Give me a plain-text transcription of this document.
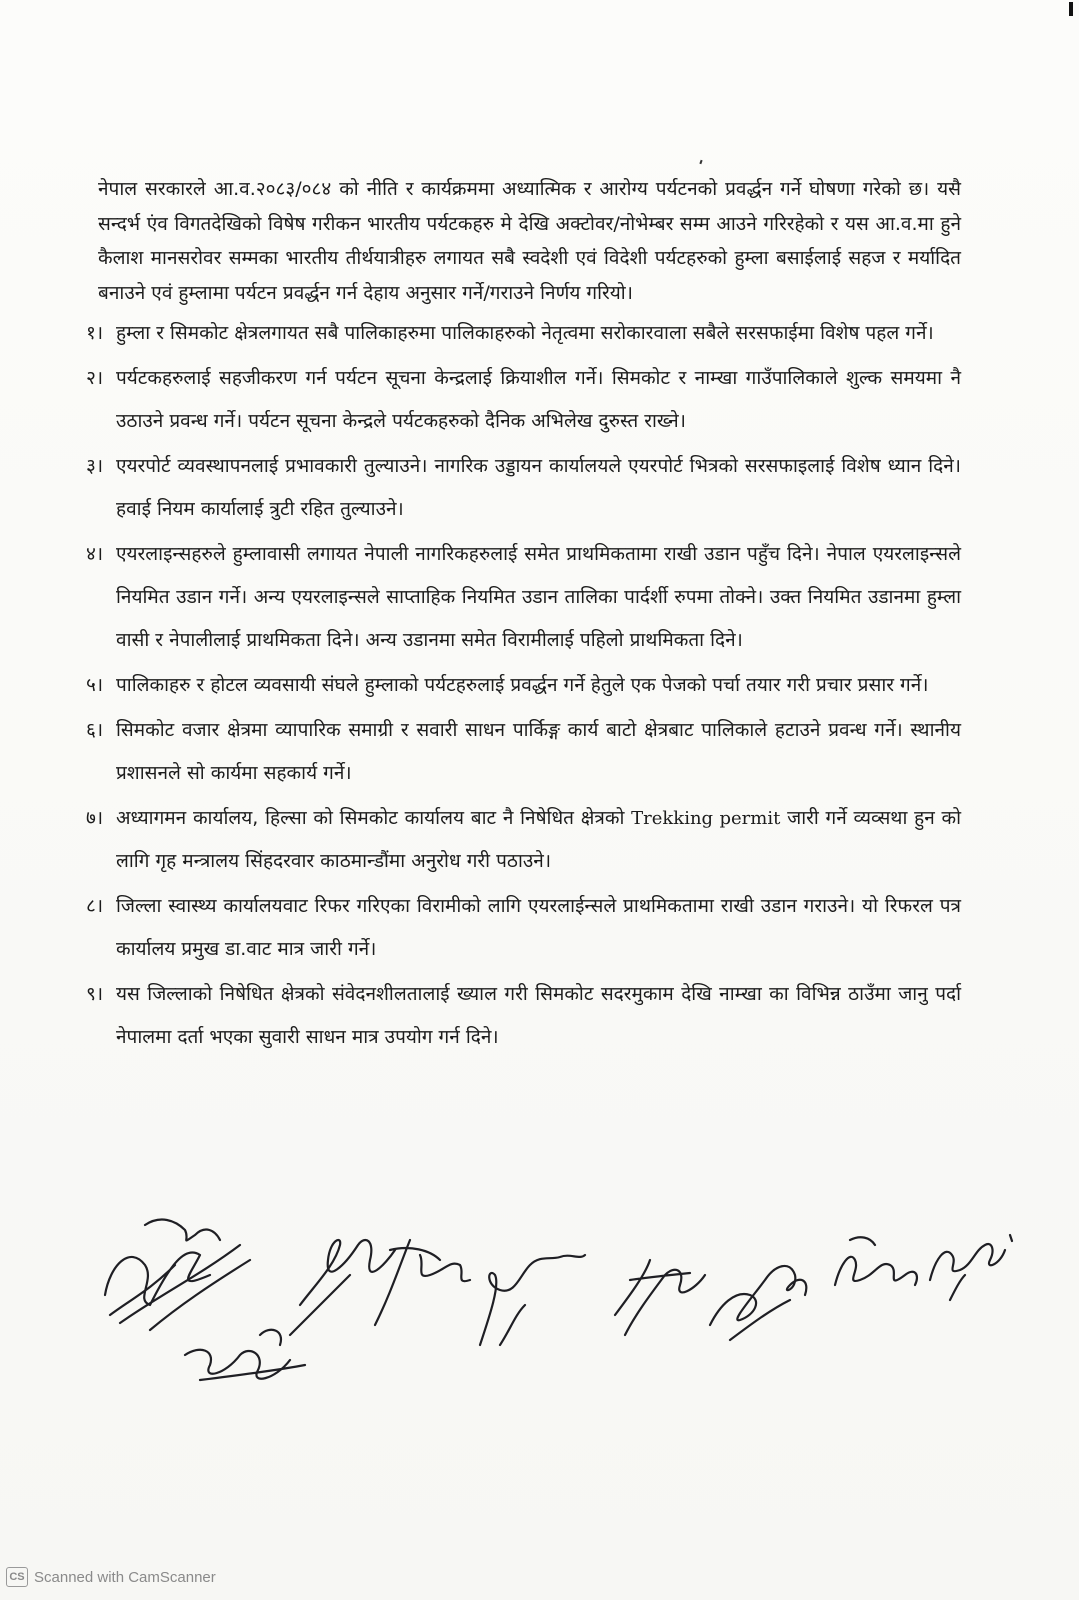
नेपाल सरकारले आ.व.२०८३/०८४ को नीति र कार्यक्रममा अध्यात्मिक र आरोग्य पर्यटनको प्रवर्द्धन गर्ने घोषणा गरेको छ। यसै सन्दर्भ एंव विगतदेखिको विषेष गरीकन भारतीय पर्यटकहरु मे देखि अक्टोवर/नोभेम्बर सम्म आउने गरिरहेको र यस आ.व.मा हुने कैलाश मानसरोवर सम्मका भारतीय तीर्थयात्रीहरु लगायत सबै स्वदेशी एवं विदेशी पर्यटहरुको हुम्ला बसाईलाई सहज र मर्यादित बनाउने एवं हुम्लामा पर्यटन प्रवर्द्धन गर्न देहाय अनुसार गर्ने/गराउने निर्णय गरियो।

१। हुम्ला र सिमकोट क्षेत्रलगायत सबै पालिकाहरुमा पालिकाहरुको नेतृत्वमा सरोकारवाला सबैले सरसफाईमा विशेष पहल गर्ने।
२। पर्यटकहरुलाई सहजीकरण गर्न पर्यटन सूचना केन्द्रलाई क्रियाशील गर्ने। सिमकोट र नाम्खा गाउँपालिकाले शुल्क समयमा नै उठाउने प्रवन्ध गर्ने। पर्यटन सूचना केन्द्रले पर्यटकहरुको दैनिक अभिलेख दुरुस्त राख्ने।
३। एयरपोर्ट व्यवस्थापनलाई प्रभावकारी तुल्याउने। नागरिक उड्डायन कार्यालयले एयरपोर्ट भित्रको सरसफाइलाई विशेष ध्यान दिने। हवाई नियम कार्यालाई त्रुटी रहित तुल्याउने।
४। एयरलाइन्सहरुले हुम्लावासी लगायत नेपाली नागरिकहरुलाई समेत प्राथमिकतामा राखी उडान पहुँच दिने। नेपाल एयरलाइन्सले नियमित उडान गर्ने। अन्य एयरलाइन्सले साप्ताहिक नियमित उडान तालिका पार्दर्शी रुपमा तोक्ने। उक्त नियमित उडानमा हुम्ला वासी र नेपालीलाई प्राथमिकता दिने। अन्य उडानमा समेत विरामीलाई पहिलो प्राथमिकता दिने।
५। पालिकाहरु र होटल व्यवसायी संघले हुम्लाको पर्यटहरुलाई प्रवर्द्धन गर्ने हेतुले एक पेजको पर्चा तयार गरी प्रचार प्रसार गर्ने।
६। सिमकोट वजार क्षेत्रमा व्यापारिक समाग्री र सवारी साधन पार्किङ्ग कार्य बाटो क्षेत्रबाट पालिकाले हटाउने प्रवन्ध गर्ने। स्थानीय प्रशासनले सो कार्यमा सहकार्य गर्ने।
७। अध्यागमन कार्यालय, हिल्सा को सिमकोट कार्यालय बाट नै निषेधित क्षेत्रको Trekking permit जारी गर्ने व्यव्सथा हुन को लागि गृह मन्त्रालय सिंहदरवार काठमान्डौंमा अनुरोध गरी पठाउने।
८। जिल्ला स्वास्थ्य कार्यालयवाट रिफर गरिएका विरामीको लागि एयरलाईन्सले प्राथमिकतामा राखी उडान गराउने। यो रिफरल पत्र कार्यालय प्रमुख डा.वाट मात्र जारी गर्ने।
९। यस जिल्लाको निषेधित क्षेत्रको संवेदनशीलतालाई ख्याल गरी सिमकोट सदरमुकाम देखि नाम्खा का विभिन्न ठाउँमा जानु पर्दा नेपालमा दर्ता भएका सुवारी साधन मात्र उपयोग गर्न दिने।
CS Scanned with CamScanner
